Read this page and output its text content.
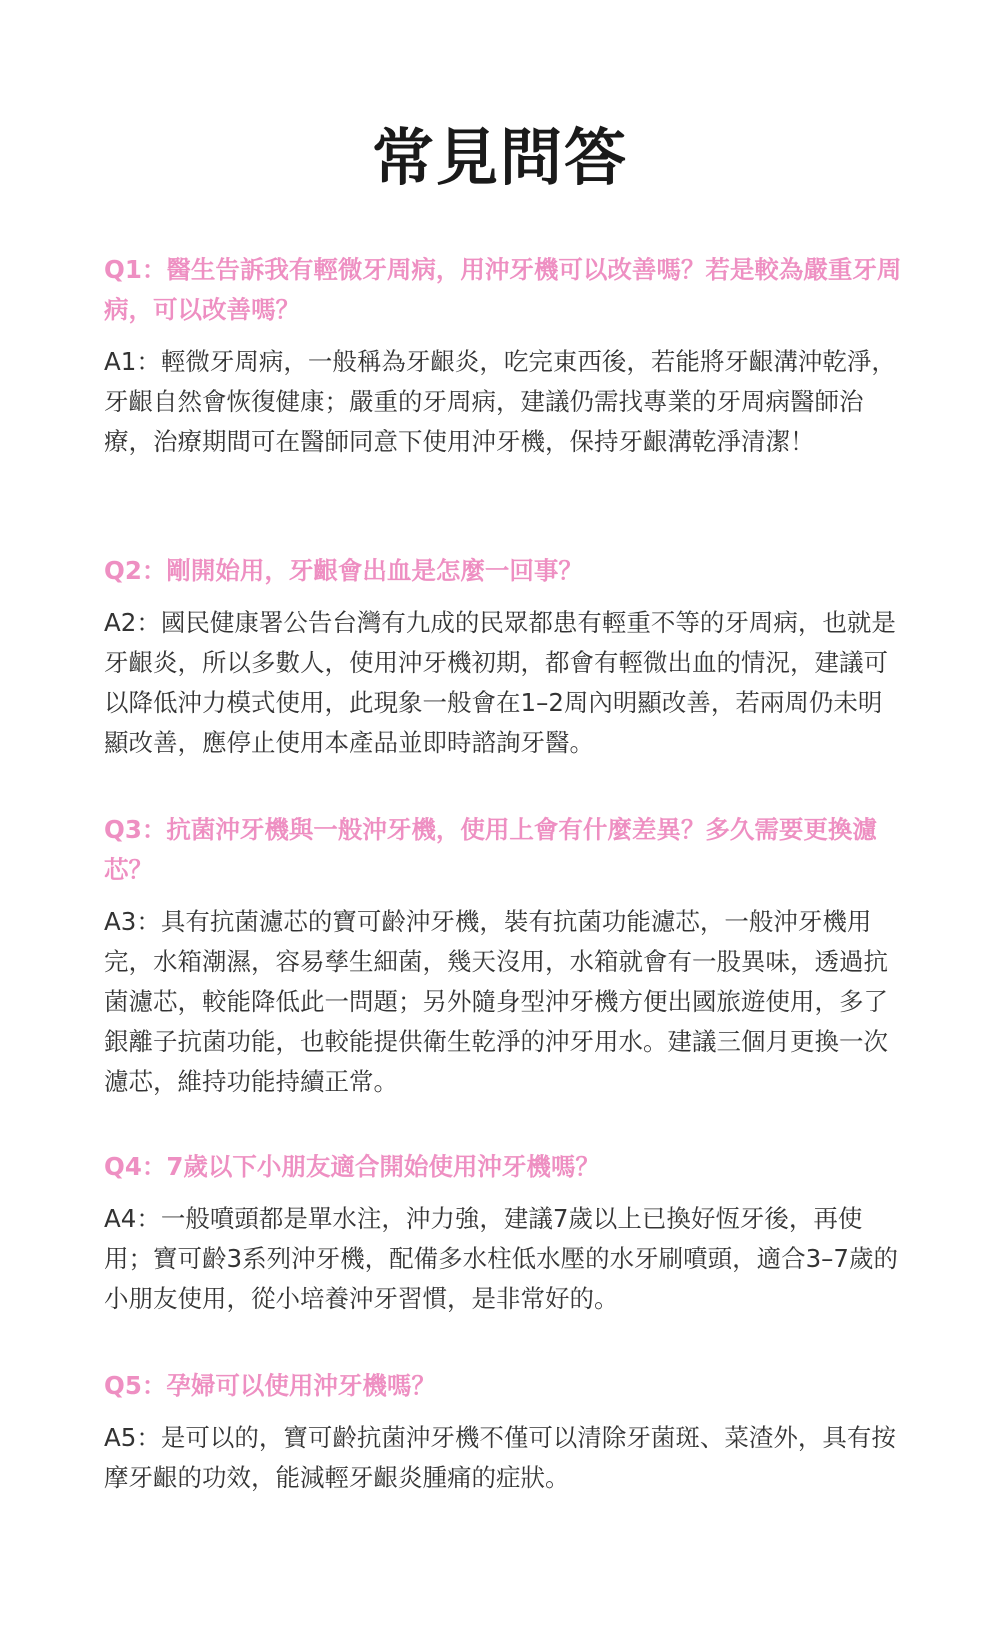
常見問答

Q1：醫生告訴我有輕微牙周病，用沖牙機可以改善嗎？若是較為嚴重牙周病，可以改善嗎？

A1：輕微牙周病，一般稱為牙齦炎，吃完東西後，若能將牙齦溝沖乾淨，牙齦自然會恢復健康；嚴重的牙周病，建議仍需找專業的牙周病醫師治療，治療期間可在醫師同意下使用沖牙機，保持牙齦溝乾淨清潔！

Q2：剛開始用，牙齦會出血是怎麼一回事？

A2：國民健康署公告台灣有九成的民眾都患有輕重不等的牙周病，也就是牙齦炎，所以多數人，使用沖牙機初期，都會有輕微出血的情況，建議可以降低沖力模式使用，此現象一般會在1–2周內明顯改善，若兩周仍未明顯改善，應停止使用本產品並即時諮詢牙醫。

Q3：抗菌沖牙機與一般沖牙機，使用上會有什麼差異？多久需要更換濾芯？

A3：具有抗菌濾芯的寶可齡沖牙機，裝有抗菌功能濾芯，一般沖牙機用完，水箱潮濕，容易孳生細菌，幾天沒用，水箱就會有一股異味，透過抗菌濾芯，較能降低此一問題；另外隨身型沖牙機方便出國旅遊使用，多了銀離子抗菌功能，也較能提供衛生乾淨的沖牙用水。建議三個月更換一次濾芯，維持功能持續正常。

Q4：7歲以下小朋友適合開始使用沖牙機嗎？

A4：一般噴頭都是單水注，沖力強，建議7歲以上已換好恆牙後，再使用；寶可齡3系列沖牙機，配備多水柱低水壓的水牙刷噴頭，適合3–7歲的小朋友使用，從小培養沖牙習慣，是非常好的。

Q5：孕婦可以使用沖牙機嗎？

A5：是可以的，寶可齡抗菌沖牙機不僅可以清除牙菌斑、菜渣外，具有按摩牙齦的功效，能減輕牙齦炎腫痛的症狀。
